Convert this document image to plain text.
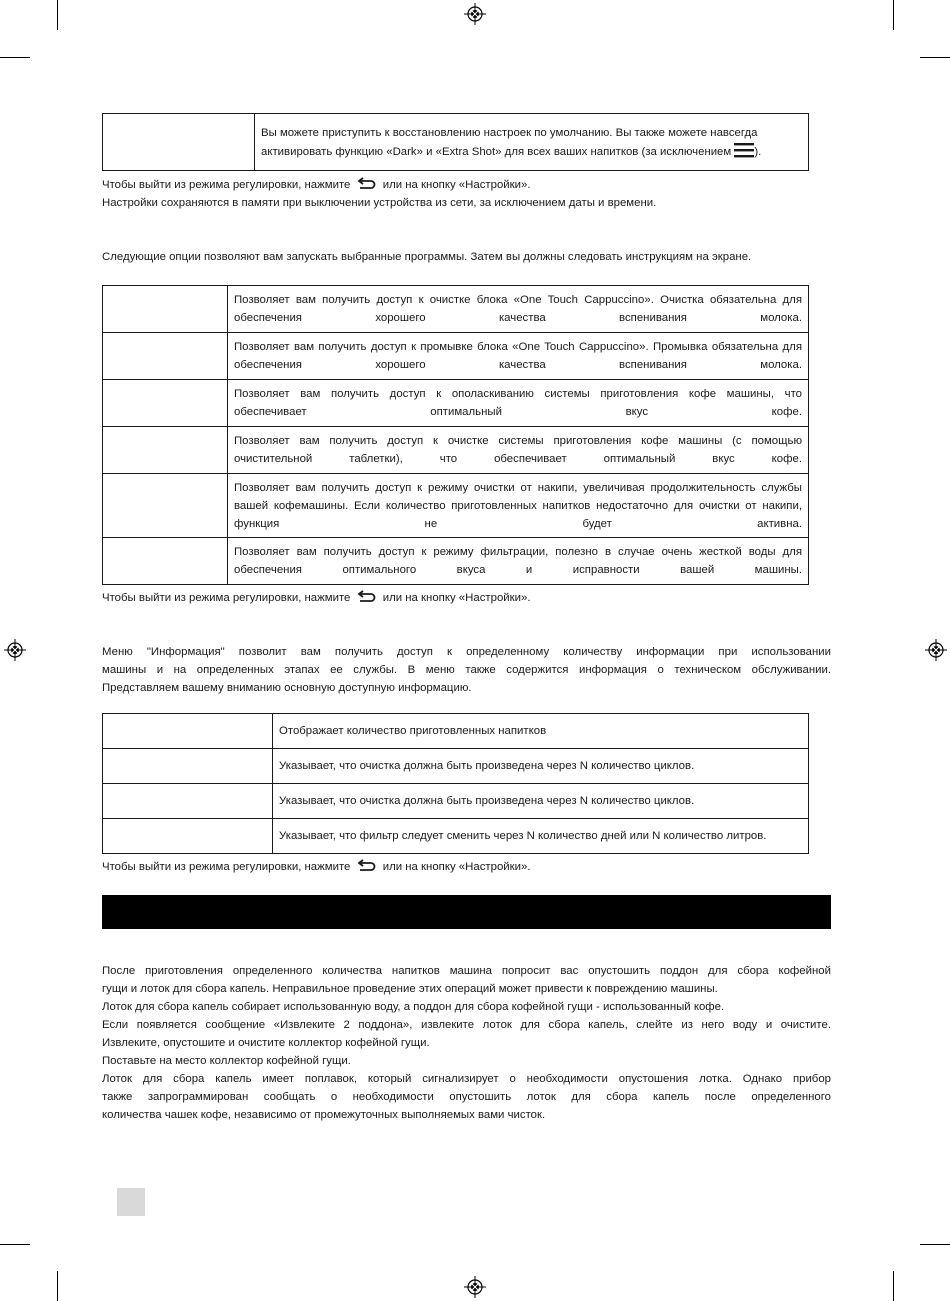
	Вы можете приступить к восстановлению настроек по умолчанию. Вы также можете навсегда активировать функцию «Dark» и «Extra Shot» для всех ваших напитков (за исключением ).

Чтобы выйти из режима регулировки, нажмите	или на кнопку «Настройки».

Настройки сохраняются в памяти при выключении устройства из сети, за исключением даты и времени.

Следующие опции позволяют вам запускать выбранные программы. Затем вы должны следовать инструкциям на экране.

	Позволяет вам получить доступ к очистке блока «One Touch Cappuccino». Очистка обязательна для обеспечения хорошего качества вспенивания молока.
	Позволяет вам получить доступ к промывке блока «One Touch Cappuccino». Промывка обязательна для обеспечения хорошего качества вспенивания молока.
	Позволяет вам получить доступ к ополаскиванию системы приготовления кофе машины, что обеспечивает оптимальный вкус кофе.
	Позволяет вам получить доступ к очистке системы приготовления кофе машины (с помощью очистительной таблетки), что обеспечивает оптимальный вкус кофе.
	Позволяет вам получить доступ к режиму очистки от накипи, увеличивая продолжительность службы вашей кофемашины. Если количество приготовленных напитков недостаточно для очистки от накипи, функция не будет активна.
	Позволяет вам получить доступ к режиму фильтрации, полезно в случае очень жесткой воды для обеспечения оптимального вкуса и исправности вашей машины.

Чтобы выйти из режима регулировки, нажмите	или на кнопку «Настройки».

Меню "Информация" позволит вам получить доступ к определенному количеству информации при использовании

машины и на определенных этапах ее службы. В меню также содержится информация о техническом обслуживании.

Представляем вашему вниманию основную доступную информацию.

	Отображает количество приготовленных напитков
	Указывает, что очистка должна быть произведена через N количество циклов.
	Указывает, что очистка должна быть произведена через N количество циклов.
	Указывает, что фильтр следует сменить через N количество дней или N количество литров.

Чтобы выйти из режима регулировки, нажмите	или на кнопку «Настройки».

После приготовления определенного количества напитков машина попросит вас опустошить поддон для сбора кофейной

гущи и лоток для сбора капель. Неправильное проведение этих операций может привести к повреждению машины.

Лоток для сбора капель собирает использованную воду, а поддон для сбора кофейной гущи - использованный кофе.

Если появляется сообщение «Извлеките 2 поддона», извлеките лоток для сбора капель, слейте из него воду и очистите.

Извлеките, опустошите и очистите коллектор кофейной гущи.

Поставьте на место коллектор кофейной гущи.

Лоток для сбора капель имеет поплавок, который сигнализирует о необходимости опустошения лотка. Однако прибор

также запрограммирован сообщать о необходимости опустошить лоток для сбора капель после определенного

количества чашек кофе, независимо от промежуточных выполняемых вами чисток.
